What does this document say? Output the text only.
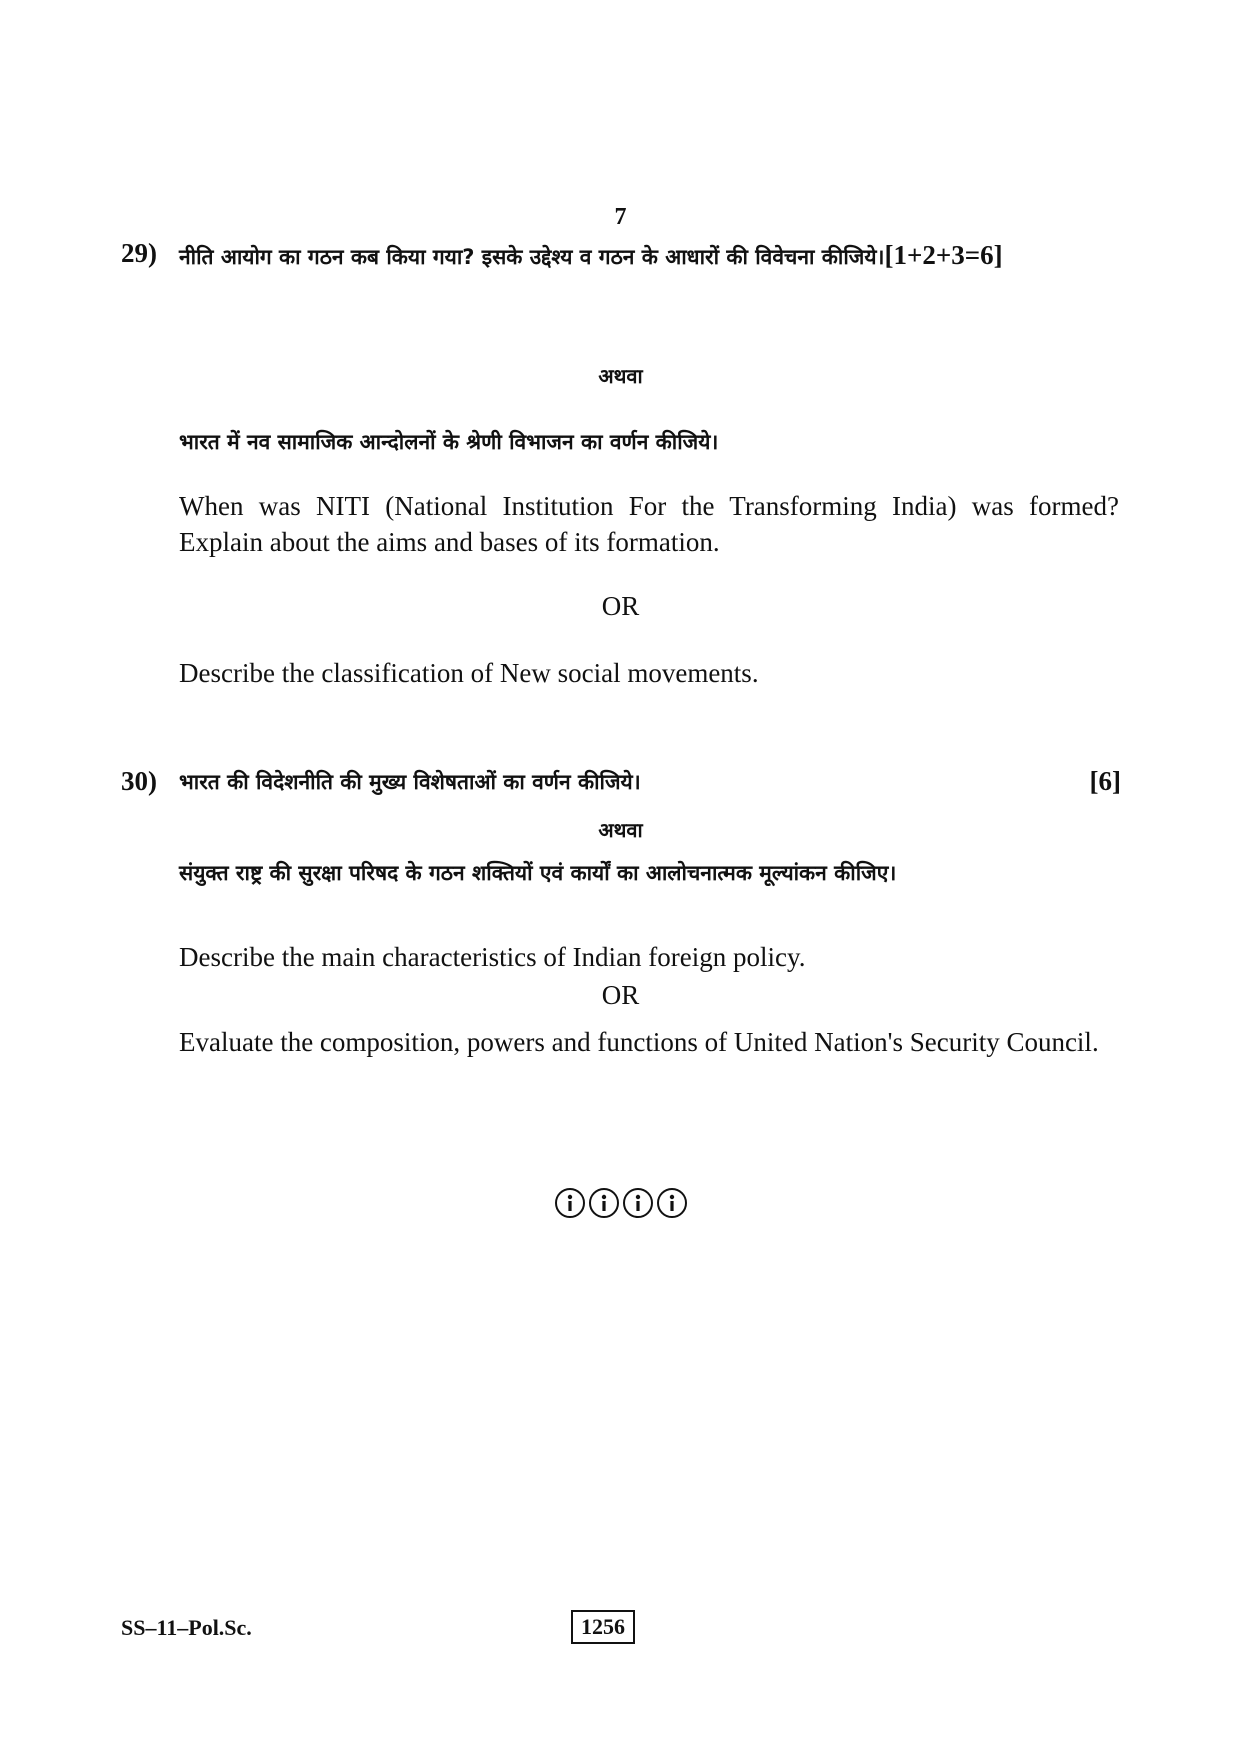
7
29) नीति आयोग का गठन कब किया गया? इसके उद्देश्य व गठन के आधारों की विवेचना कीजिये।[1+2+3=6]
अथवा
भारत में नव सामाजिक आन्दोलनों के श्रेणी विभाजन का वर्णन कीजिये।
When was NITI (National Institution For the Transforming India) was formed? Explain about the aims and bases of its formation.
OR
Describe the classification of New social movements.
30) भारत की विदेशनीति की मुख्य विशेषताओं का वर्णन कीजिये।	[6]
अथवा
संयुक्त राष्ट्र की सुरक्षा परिषद के गठन शक्तियों एवं कार्यों का आलोचनात्मक मूल्यांकन कीजिए।
Describe the main characteristics of Indian foreign policy.
OR
Evaluate the composition, powers and functions of United Nation's Security Council.
SS–11–Pol.Sc.	1256
